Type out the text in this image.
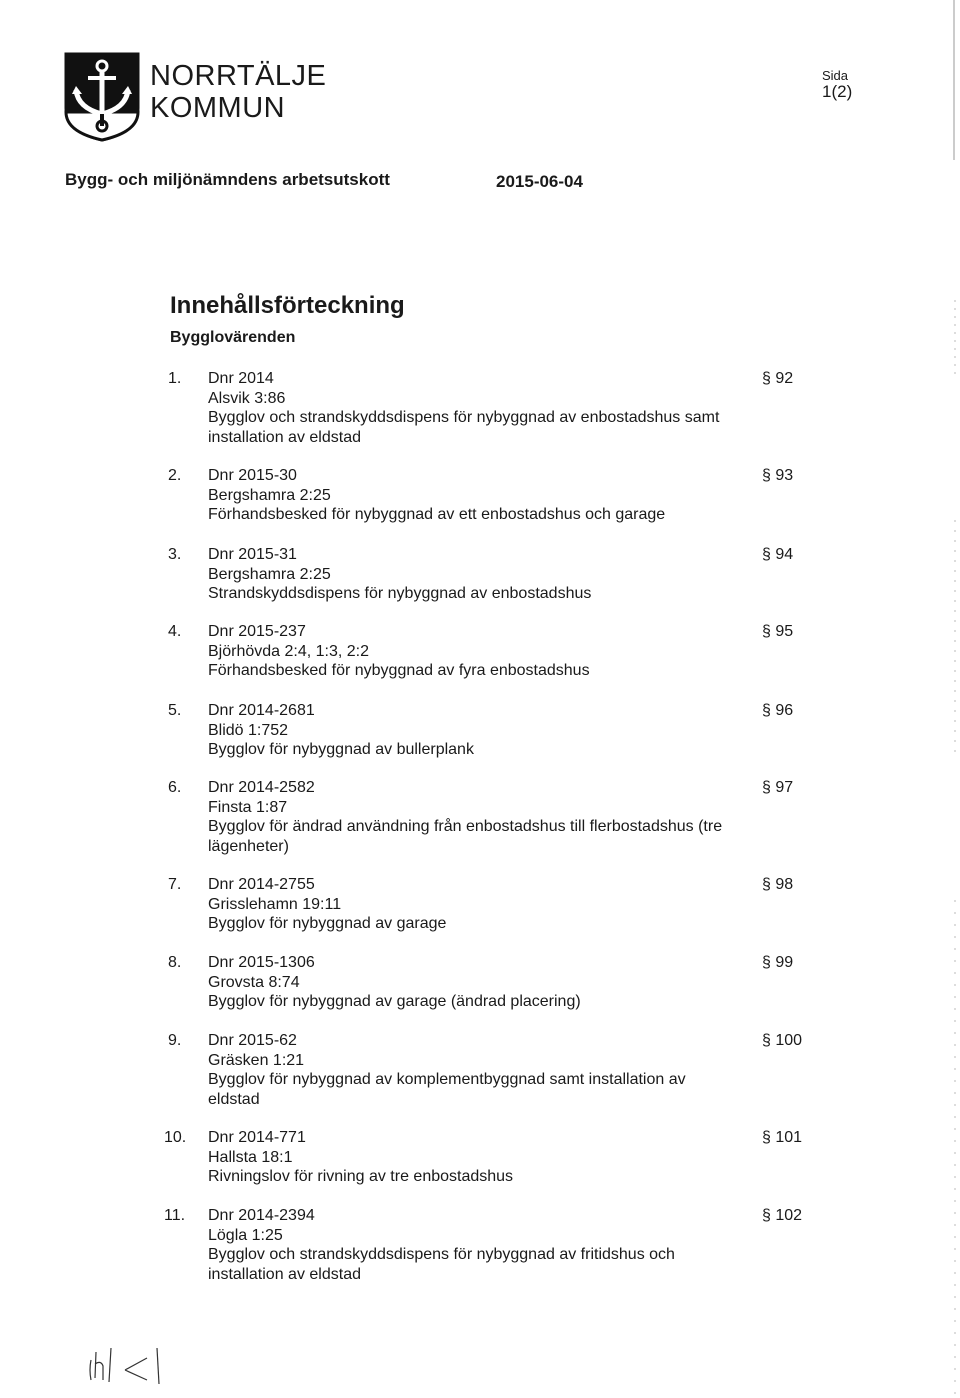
NORRTÄLJE
KOMMUN
Sida
1(2)
Bygg- och miljönämndens arbetsutskott	2015-06-04
Innehållsförteckning
Bygglovärenden
1.	Dnr 2014
Alsvik 3:86
Bygglov och strandskyddsdispens för nybyggnad av enbostadshus samt installation av eldstad
§ 92
2.	Dnr 2015-30
Bergshamra 2:25
Förhandsbesked för nybyggnad av ett enbostadshus och garage
§ 93
3.	Dnr 2015-31
Bergshamra 2:25
Strandskyddsdispens för nybyggnad av enbostadshus
§ 94
4.	Dnr 2015-237
Björhövda 2:4, 1:3, 2:2
Förhandsbesked för nybyggnad av fyra enbostadshus
§ 95
5.	Dnr 2014-2681
Blidö 1:752
Bygglov för nybyggnad av bullerplank
§ 96
6.	Dnr 2014-2582
Finsta 1:87
Bygglov för ändrad användning från enbostadshus till flerbostadshus (tre lägenheter)
§ 97
7.	Dnr 2014-2755
Grisslehamn 19:11
Bygglov för nybyggnad av garage
§ 98
8.	Dnr 2015-1306
Grovsta 8:74
Bygglov för nybyggnad av garage (ändrad placering)
§ 99
9.	Dnr 2015-62
Gräsken 1:21
Bygglov för nybyggnad av komplementbyggnad samt installation av eldstad
§ 100
10.	Dnr 2014-771
Hallsta 18:1
Rivningslov för rivning av tre enbostadshus
§ 101
11.	Dnr 2014-2394
Lögla 1:25
Bygglov och strandskyddsdispens för nybyggnad av fritidshus och installation av eldstad
§ 102
